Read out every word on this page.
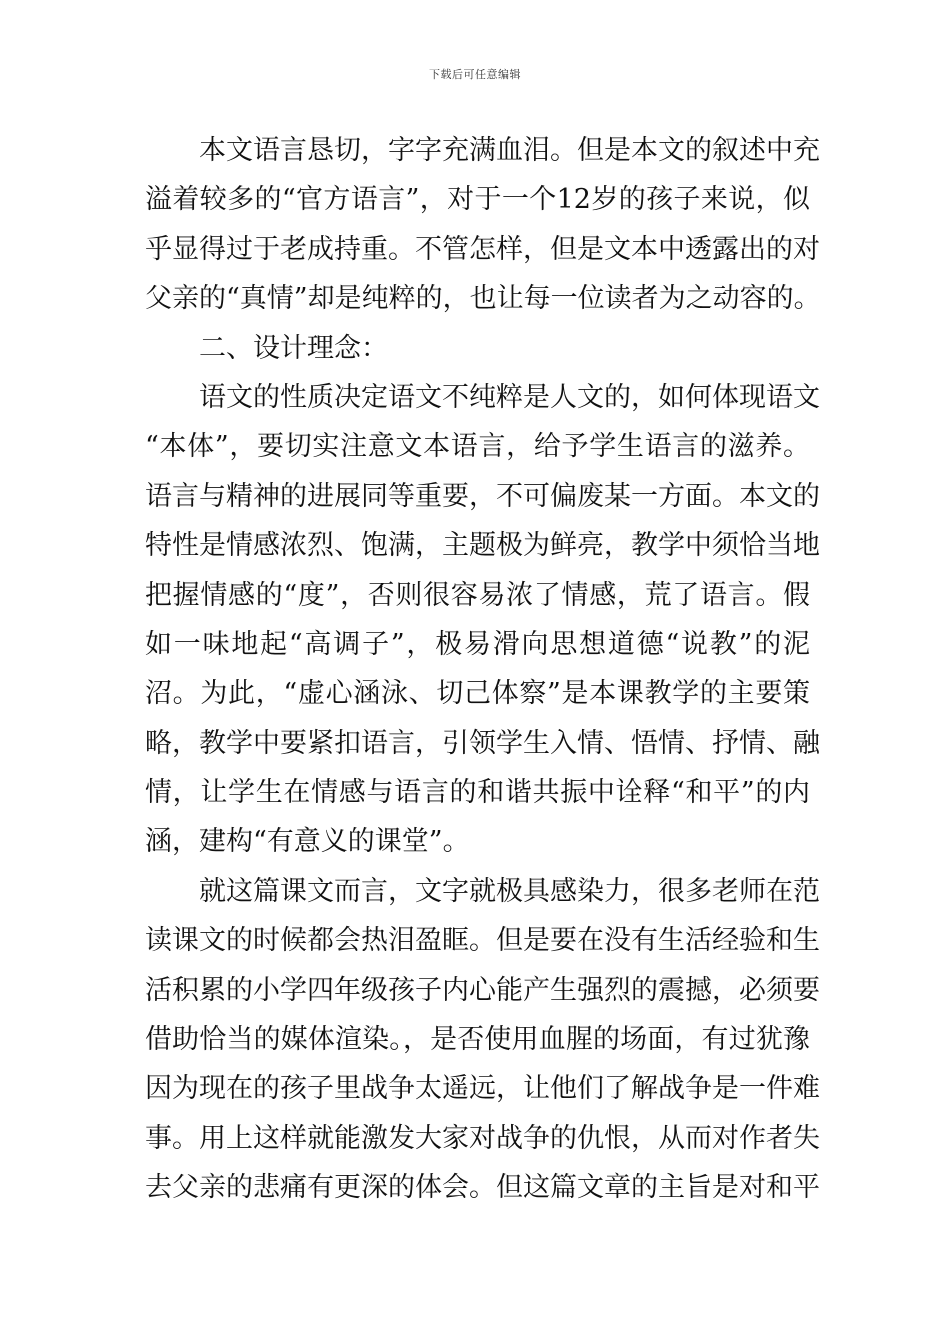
下载后可任意编辑
本文语言恳切，字字充满血泪。但是本文的叙述中充
溢着较多的“官方语言”，对于一个12岁的孩子来说，似
乎显得过于老成持重。不管怎样，但是文本中透露出的对
父亲的“真情”却是纯粹的，也让每一位读者为之动容的。
二、设计理念：
语文的性质决定语文不纯粹是人文的，如何体现语文
“本体”，要切实注意文本语言，给予学生语言的滋养。
语言与精神的进展同等重要，不可偏废某一方面。本文的
特性是情感浓烈、饱满，主题极为鲜亮，教学中须恰当地
把握情感的“度”，否则很容易浓了情感，荒了语言。假
如一味地起“高调子”，极易滑向思想道德“说教”的泥
沼。为此，“虚心涵泳、切己体察”是本课教学的主要策
略，教学中要紧扣语言，引领学生入情、悟情、抒情、融
情，让学生在情感与语言的和谐共振中诠释“和平”的内
涵，建构“有意义的课堂”。
就这篇课文而言，文字就极具感染力，很多老师在范
读课文的时候都会热泪盈眶。但是要在没有生活经验和生
活积累的小学四年级孩子内心能产生强烈的震撼，必须要
借助恰当的媒体渲染。，是否使用血腥的场面，有过犹豫
因为现在的孩子里战争太遥远，让他们了解战争是一件难
事。用上这样就能激发大家对战争的仇恨，从而对作者失
去父亲的悲痛有更深的体会。但这篇文章的主旨是对和平
